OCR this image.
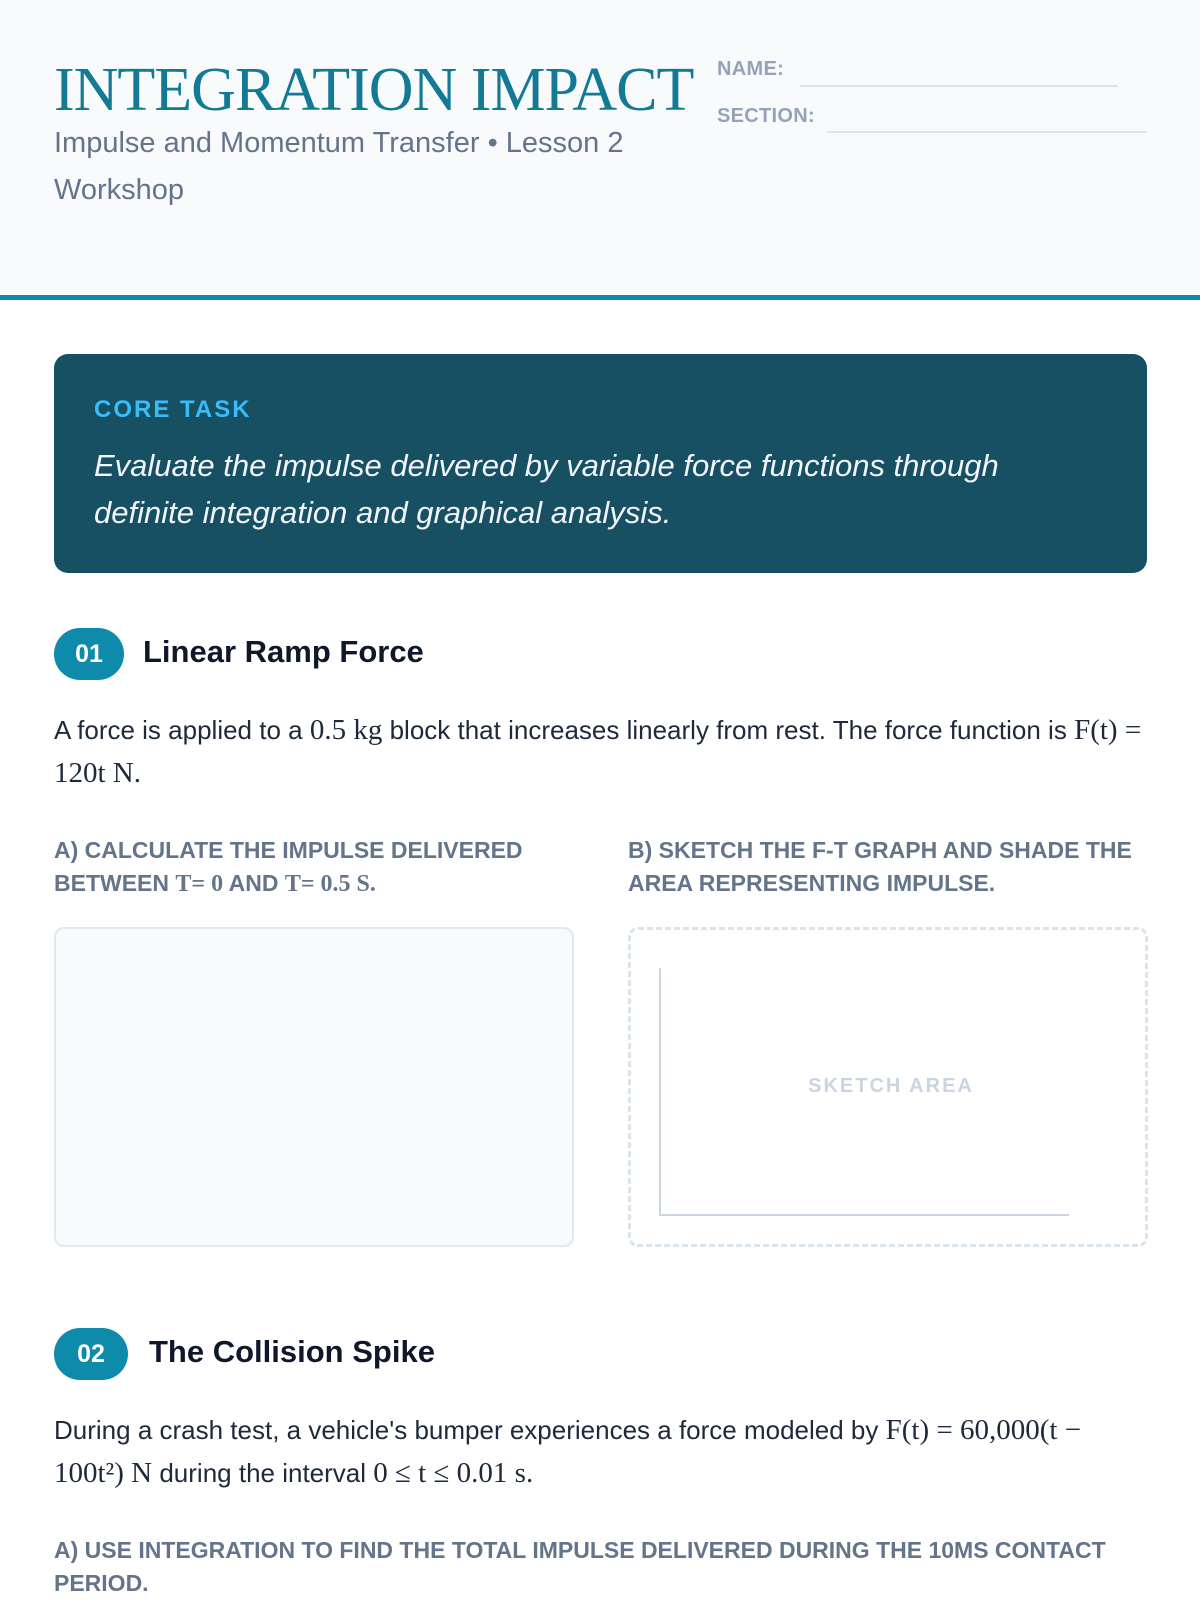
INTEGRATION IMPACT
Impulse and Momentum Transfer • Lesson 2 Workshop
NAME:
SECTION:
CORE TASK
Evaluate the impulse delivered by variable force functions through definite integration and graphical analysis.
01	Linear Ramp Force
A force is applied to a 0.5 kg block that increases linearly from rest. The force function is F(t) = 120t N.
A) CALCULATE THE IMPULSE DELIVERED BETWEEN T= 0 AND T= 0.5 S.
B) SKETCH THE F-T GRAPH AND SHADE THE AREA REPRESENTING IMPULSE.
SKETCH AREA
02	The Collision Spike
During a crash test, a vehicle's bumper experiences a force modeled by F(t) = 60,000(t − 100t²) N during the interval 0 ≤ t ≤ 0.01 s.
A) USE INTEGRATION TO FIND THE TOTAL IMPULSE DELIVERED DURING THE 10MS CONTACT PERIOD.
